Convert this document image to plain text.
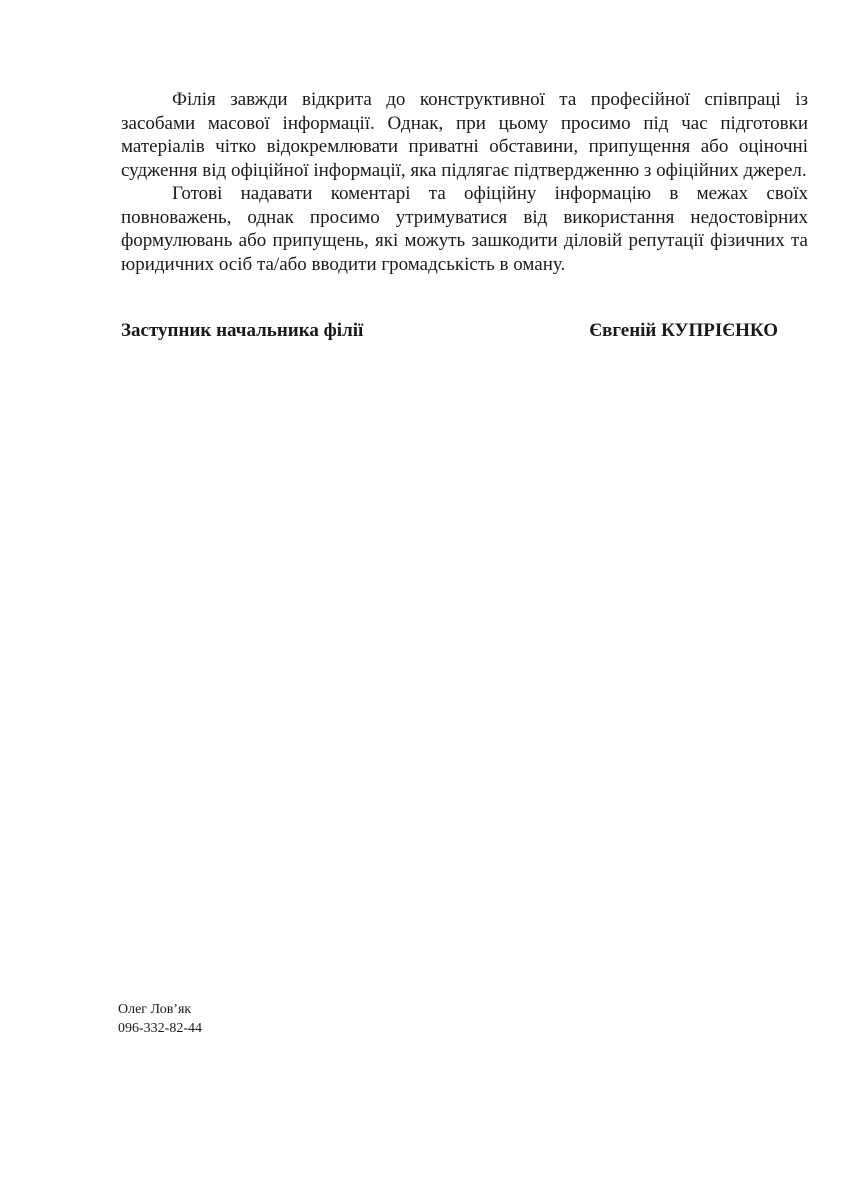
Філія завжди відкрита до конструктивної та професійної співпраці із засобами масової інформації. Однак, при цьому просимо під час підготовки матеріалів чітко відокремлювати приватні обставини, припущення або оціночні судження від офіційної інформації, яка підлягає підтвердженню з офіційних джерел.

Готові надавати коментарі та офіційну інформацію в межах своїх повноважень, однак просимо утримуватися від використання недостовірних формулювань або припущень, які можуть зашкодити діловій репутації фізичних та юридичних осіб та/або вводити громадськість в оману.

Заступник начальника філії	Євгеній КУПРІЄНКО
Олег Лов’як
096-332-82-44
